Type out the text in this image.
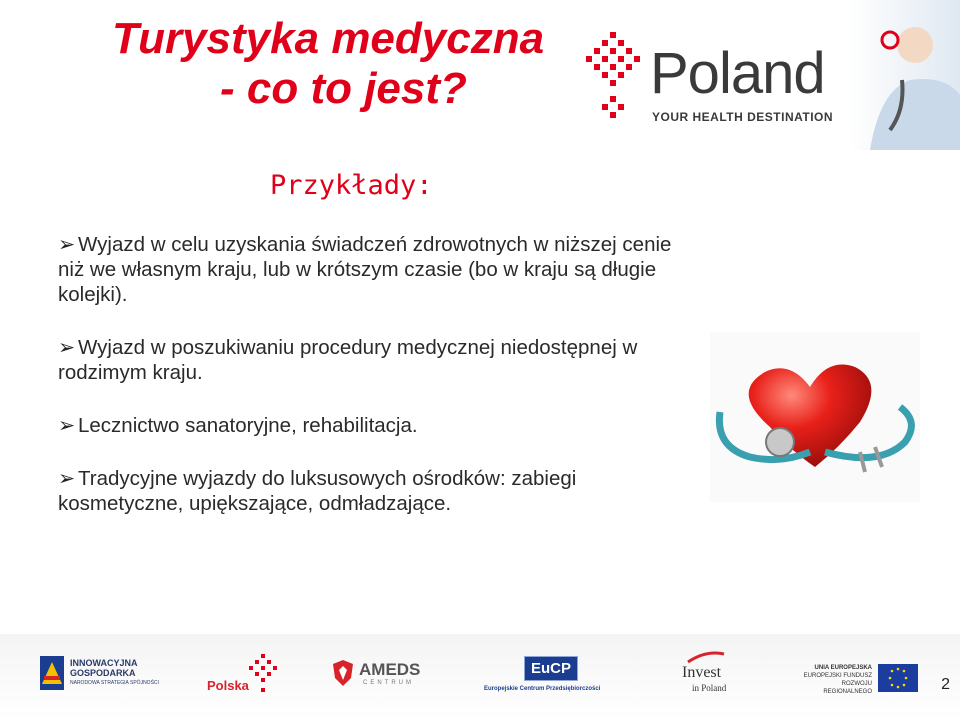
Turystyka medyczna
- co to jest?	Poland
YOUR HEALTH DESTINATION
Przykłady:
➢ Wyjazd w celu uzyskania świadczeń zdrowotnych w niższej cenie niż we własnym kraju, lub w krótszym czasie (bo w kraju są długie kolejki).
➢ Wyjazd w poszukiwaniu procedury medycznej niedostępnej w rodzimym kraju.
➢ Lecznictwo sanatoryjne, rehabilitacja.
➢ Tradycyjne wyjazdy do luksusowych ośrodków: zabiegi kosmetyczne, upiększające, odmładzające.
INNOWACYJNA
GOSPODARKA
NARODOWA STRATEGIA SPÓJNOŚCI	Polska
AMEDS
CENTRUM
EuCP
Europejskie Centrum Przedsiębiorczości
Invest
in Poland
UNIA EUROPEJSKA
EUROPEJSKI FUNDUSZ
ROZWOJU REGIONALNEGO	2
